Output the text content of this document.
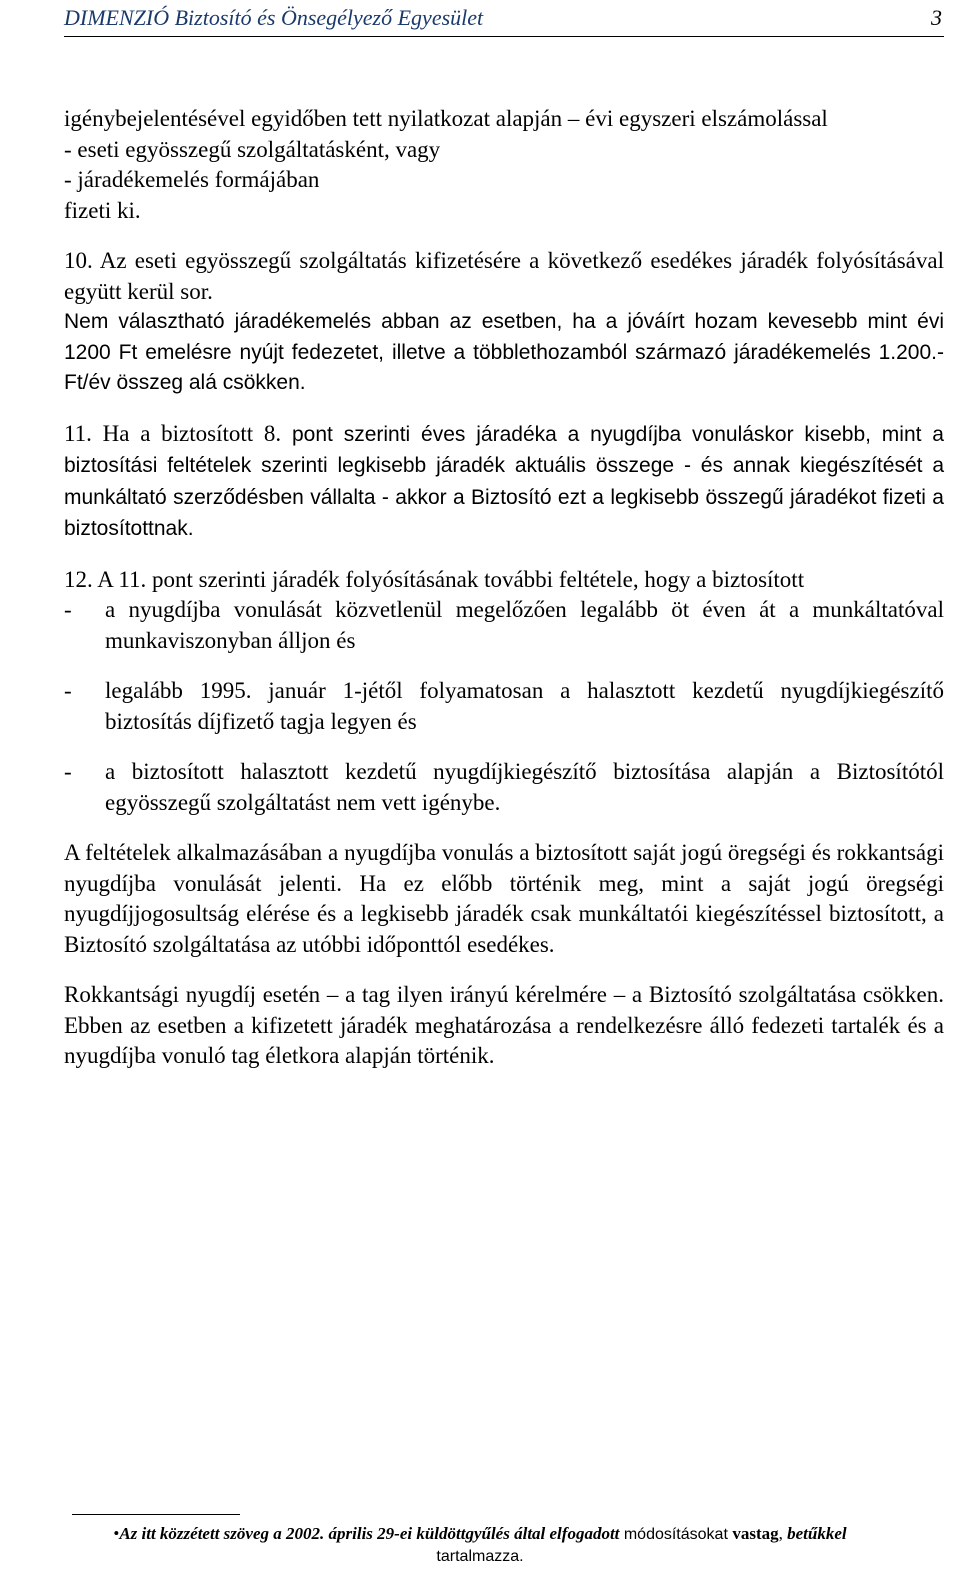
DIMENZIÓ Biztosító és Önsegélyező Egyesület	3

igénybejelentésével egyidőben tett nyilatkozat alapján – évi egyszeri elszámolással

- eseti egyösszegű szolgáltatásként, vagy

- járadékemelés formájában

fizeti ki.

10. Az eseti egyösszegű szolgáltatás kifizetésére a következő esedékes járadék folyósításával együtt kerül sor.

Nem választható járadékemelés abban az esetben, ha a jóváírt hozam kevesebb mint évi 1200 Ft emelésre nyújt fedezetet, illetve a többlethozamból származó járadékemelés 1.200.- Ft/év összeg alá csökken.

11. Ha a biztosított 8. pont szerinti éves járadéka a nyugdíjba vonuláskor kisebb, mint a biztosítási feltételek szerinti legkisebb járadék aktuális összege - és annak kiegészítését a munkáltató szerződésben vállalta - akkor a Biztosító ezt a legkisebb összegű járadékot fizeti a biztosítottnak.

12. A 11. pont szerinti járadék folyósításának további feltétele, hogy a biztosított

- a nyugdíjba vonulását közvetlenül megelőzően legalább öt éven át a munkáltatóval munkaviszonyban álljon és
- legalább 1995. január 1-jétől folyamatosan a halasztott kezdetű nyugdíjkiegészítő biztosítás díjfizető tagja legyen és
- a biztosított halasztott kezdetű nyugdíjkiegészítő biztosítása alapján a Biztosítótól egyösszegű szolgáltatást nem vett igénybe.

A feltételek alkalmazásában a nyugdíjba vonulás a biztosított saját jogú öregségi és rokkantsági nyugdíjba vonulását jelenti. Ha ez előbb történik meg, mint a saját jogú öregségi nyugdíjjogosultság elérése és a legkisebb járadék csak munkáltatói kiegészítéssel biztosított, a Biztosító szolgáltatása az utóbbi időponttól esedékes.

Rokkantsági nyugdíj esetén – a tag ilyen irányú kérelmére – a Biztosító szolgáltatása csökken. Ebben az esetben a kifizetett járadék meghatározása a rendelkezésre álló fedezeti tartalék és a nyugdíjba vonuló tag életkora alapján történik.

•Az itt közzétett szöveg a 2002. április 29-ei küldöttgyűlés által elfogadott módosításokat vastag, betűkkel
tartalmazza.
